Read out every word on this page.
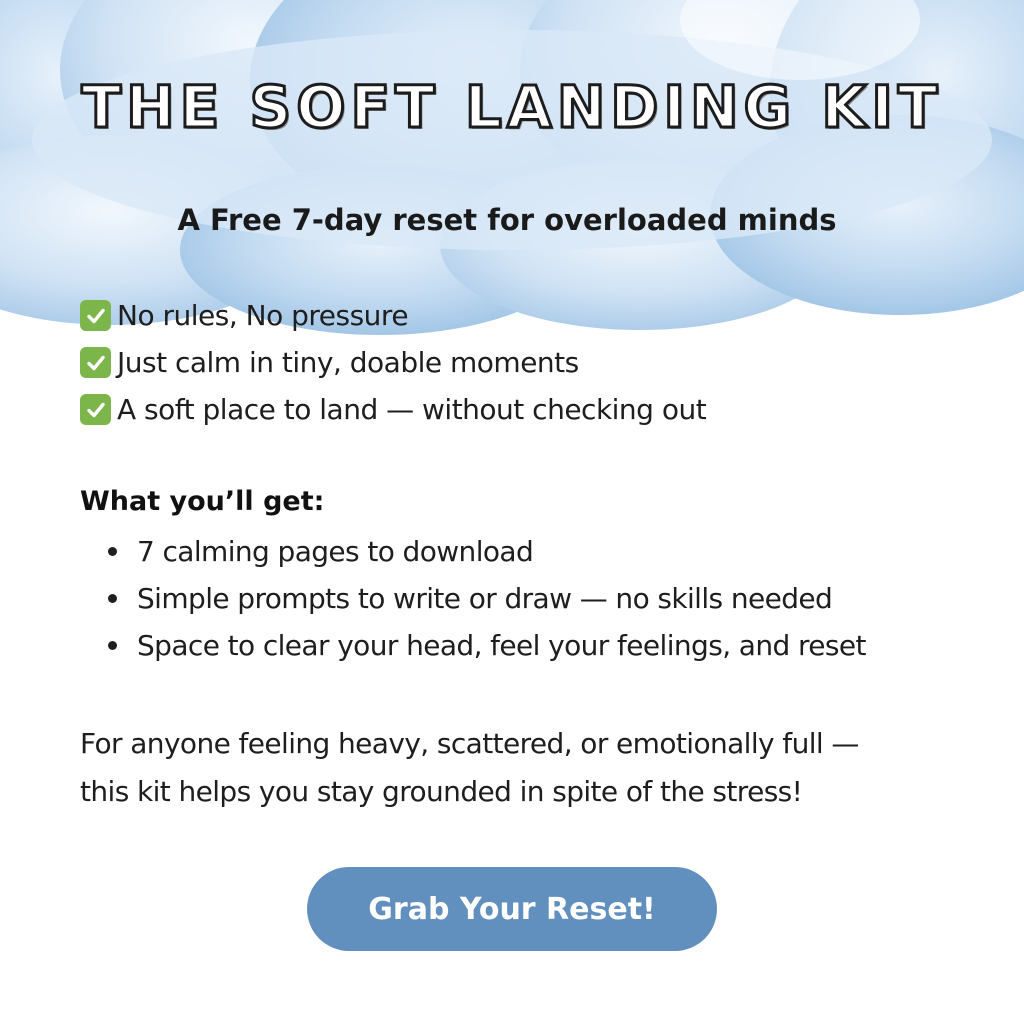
THE SOFT LANDING KIT
A Free 7-day reset for overloaded minds
No rules, No pressure
Just calm in tiny, doable moments
A soft place to land — without checking out
What you’ll get:
7 calming pages to download
Simple prompts to write or draw — no skills needed
Space to clear your head, feel your feelings, and reset
For anyone feeling heavy, scattered, or emotionally full —
this kit helps you stay grounded in spite of the stress!
Grab Your Reset!
